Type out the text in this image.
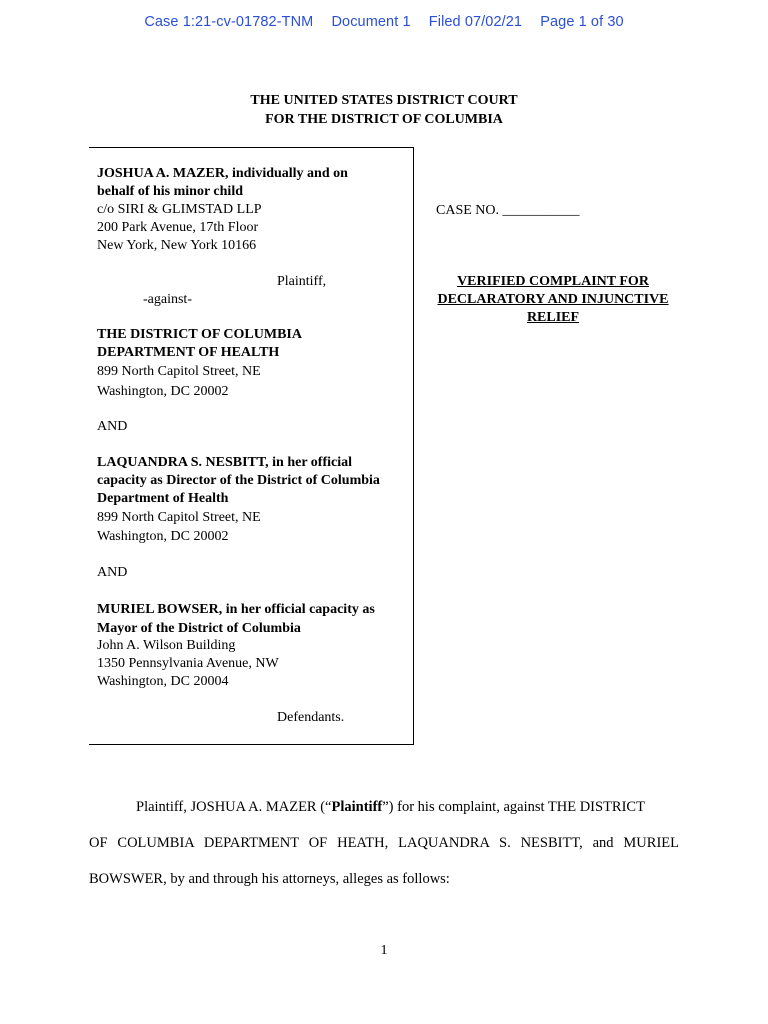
Case 1:21-cv-01782-TNM Document 1 Filed 07/02/21 Page 1 of 30
THE UNITED STATES DISTRICT COURT
FOR THE DISTRICT OF COLUMBIA
JOSHUA A. MAZER, individually and on
behalf of his minor child
c/o SIRI & GLIMSTAD LLP
200 Park Avenue, 17th Floor
New York, New York 10166
Plaintiff,
-against-
THE DISTRICT OF COLUMBIA
DEPARTMENT OF HEALTH
899 North Capitol Street, NE
Washington, DC 20002
AND
LAQUANDRA S. NESBITT, in her official
capacity as Director of the District of Columbia
Department of Health
899 North Capitol Street, NE
Washington, DC 20002
AND
MURIEL BOWSER, in her official capacity as
Mayor of the District of Columbia
John A. Wilson Building
1350 Pennsylvania Avenue, NW
Washington, DC 20004
Defendants.
CASE NO. ___________
VERIFIED COMPLAINT FOR
DECLARATORY AND INJUNCTIVE
RELIEF
Plaintiff, JOSHUA A. MAZER (“Plaintiff”) for his complaint, against THE DISTRICT
OF COLUMBIA DEPARTMENT OF HEATH, LAQUANDRA S. NESBITT, and MURIEL
BOWSWER, by and through his attorneys, alleges as follows:
1
